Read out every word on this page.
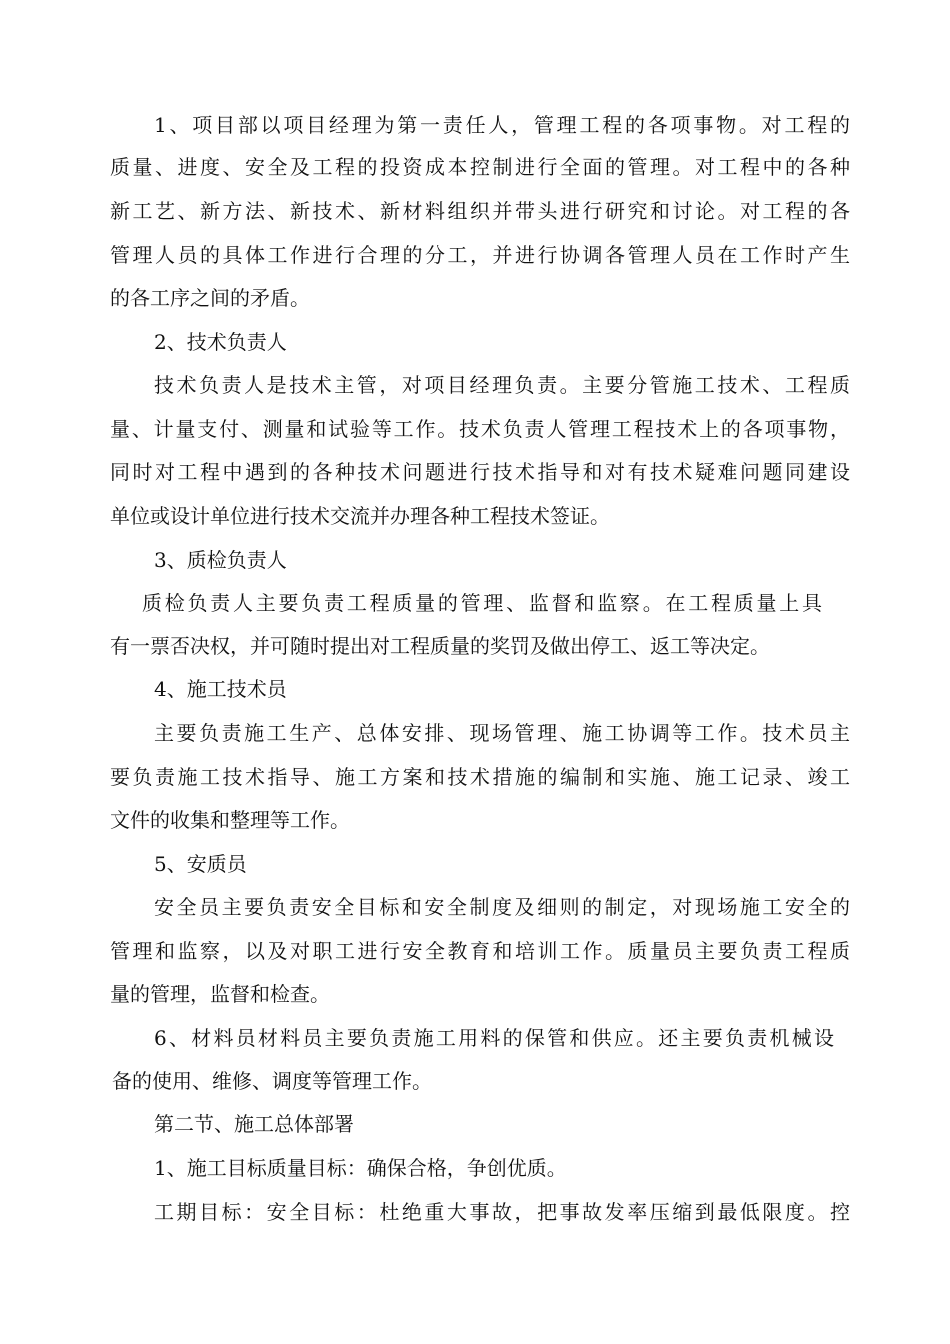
1、项目部以项目经理为第一责任人，管理工程的各项事物。对工程的
质量、进度、安全及工程的投资成本控制进行全面的管理。对工程中的各种
新工艺、新方法、新技术、新材料组织并带头进行研究和讨论。对工程的各
管理人员的具体工作进行合理的分工，并进行协调各管理人员在工作时产生
的各工序之间的矛盾。
2、技术负责人
技术负责人是技术主管，对项目经理负责。主要分管施工技术、工程质
量、计量支付、测量和试验等工作。技术负责人管理工程技术上的各项事物，
同时对工程中遇到的各种技术问题进行技术指导和对有技术疑难问题同建设
单位或设计单位进行技术交流并办理各种工程技术签证。
3、质检负责人
质检负责人主要负责工程质量的管理、监督和监察。在工程质量上具
有一票否决权，并可随时提出对工程质量的奖罚及做出停工、返工等决定。
4、施工技术员
主要负责施工生产、总体安排、现场管理、施工协调等工作。技术员主
要负责施工技术指导、施工方案和技术措施的编制和实施、施工记录、竣工
文件的收集和整理等工作。
5、安质员
安全员主要负责安全目标和安全制度及细则的制定，对现场施工安全的
管理和监察，以及对职工进行安全教育和培训工作。质量员主要负责工程质
量的管理，监督和检查。
6、材料员材料员主要负责施工用料的保管和供应。还主要负责机械设
备的使用、维修、调度等管理工作。
第二节、施工总体部署
1、施工目标质量目标：确保合格，争创优质。
工期目标：安全目标：杜绝重大事故，把事故发率压缩到最低限度。控
